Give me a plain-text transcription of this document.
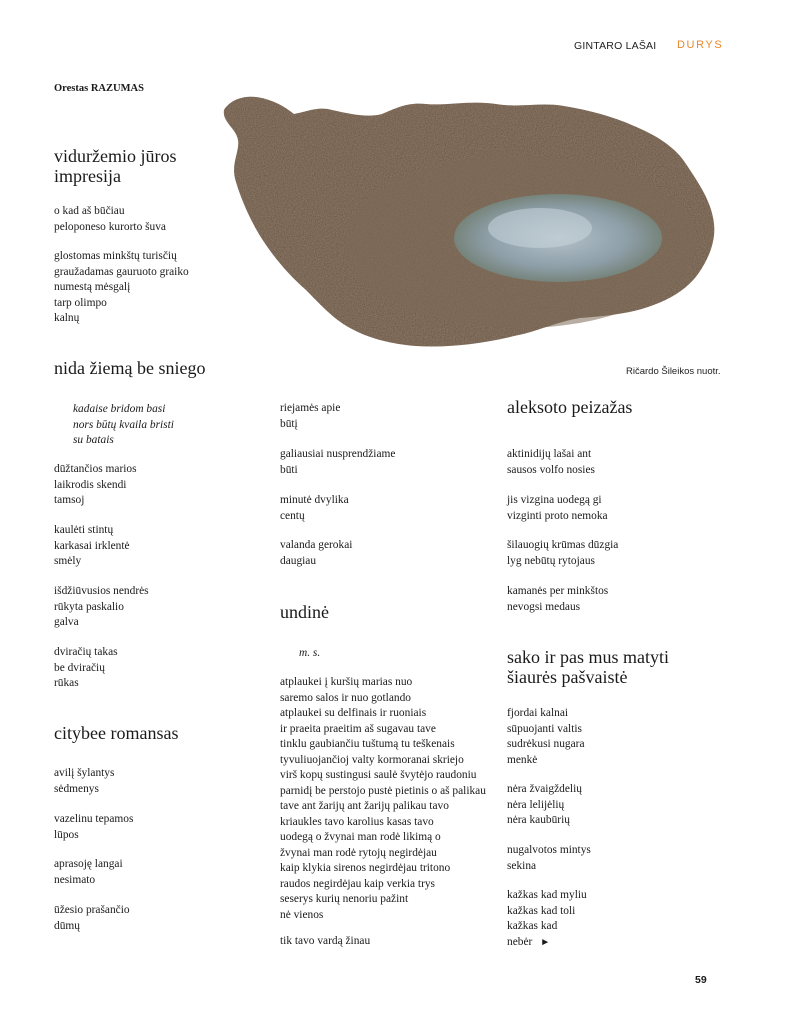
GINTARO LAŠAI DURYS
Orestas RAZUMAS
Ričardo Šileikos nuotr.
viduržemio jūros
impresija
o kad aš būčiau
peloponeso kurorto šuva
glostomas minkštų turisčių
graužadamas gauruoto graiko
numestą mėsgalį
tarp olimpo
kalnų
nida žiemą be sniego
kadaise bridom basi
nors būtų kvaila bristi
su batais
dūžtančios marios
laikrodis skendi
tamsoj
kaulėti stintų
karkasai irklentė
smėly
išdžiūvusios nendrės
rūkyta paskalio
galva
dviračių takas
be dviračių
rūkas
riejamės apie
būtį
galiausiai nusprendžiame
būti
minutė dvylika
centų
valanda gerokai
daugiau
citybee romansas
avilį šylantys
sėdmenys
vazelinu tepamos
lūpos
aprasoję langai
nesimato
ūžesio prašančio
dūmų
undinė
m. s.
atplaukei į kuršių marias nuo
saremo salos ir nuo gotlando
atplaukei su delfinais ir ruoniais
ir praeita praeitim aš sugavau tave
tinklu gaubiančiu tuštumą tu teškenais
tyvuliuojančioj valty kormoranai skriejo
virš kopų sustingusi saulė švytėjo raudoniu
parnidį be perstojo pustė pietinis o aš palikau
tave ant žarijų ant žarijų palikau tavo
kriaukles tavo karolius kasas tavo
uodegą o žvynai man rodė likimą o
žvynai man rodė rytojų negirdėjau
kaip klykia sirenos negirdėjau tritono
raudos negirdėjau kaip verkia trys
seserys kurių nenoriu pažint
nė vienos
tik tavo vardą žinau
aleksoto peizažas
aktinidijų lašai ant
sausos volfo nosies
jis vizgina uodegą gi
vizginti proto nemoka
šilauogių krūmas dūzgia
lyg nebūtų rytojaus
kamanės per minkštos
nevogsi medaus
sako ir pas mus matyti
šiaurės pašvaistė
fjordai kalnai
sūpuojanti valtis
sudrėkusi nugara
menkė
nėra žvaigždelių
nėra lelijėlių
nėra kaubūrių
nugalvotos mintys
sekina
kažkas kad myliu
kažkas kad toli
kažkas kad
nebėr ►
59
